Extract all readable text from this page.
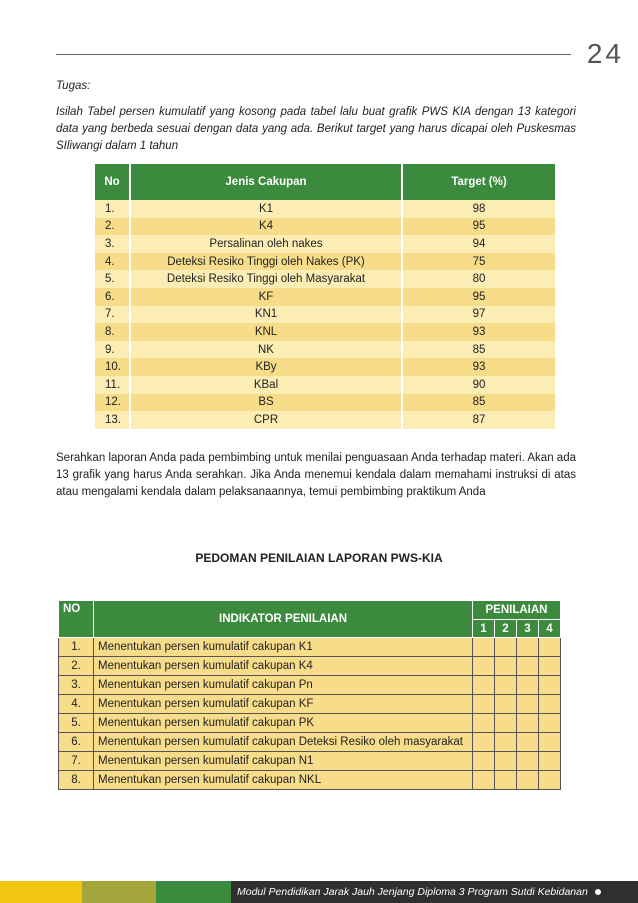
24
Tugas:
Isilah Tabel persen kumulatif yang kosong pada tabel lalu buat grafik PWS KIA dengan 13 kategori data yang berbeda sesuai dengan data yang ada. Berikut target yang harus dicapai oleh Puskesmas SIliwangi dalam 1 tahun
No	Jenis Cakupan	Target (%)
1.	K1	98
2.	K4	95
3.	Persalinan oleh nakes	94
4.	Deteksi Resiko Tinggi oleh Nakes (PK)	75
5.	Deteksi Resiko Tinggi oleh Masyarakat	80
6.	KF	95
7.	KN1	97
8.	KNL	93
9.	NK	85
10.	KBy	93
11.	KBal	90
12.	BS	85
13.	CPR	87
Serahkan laporan Anda pada pembimbing untuk menilai penguasaan Anda terhadap materi. Akan ada 13 grafik yang harus Anda serahkan. Jika Anda menemui kendala dalam memahami instruksi di atas atau mengalami kendala dalam pelaksanaannya, temui pembimbing praktikum Anda
PEDOMAN PENILAIAN LAPORAN PWS-KIA
NO	INDIKATOR PENILAIAN	PENILAIAN			
		1	2	3	4
1.	Menentukan persen kumulatif cakupan K1				
2.	Menentukan persen kumulatif cakupan K4				
3.	Menentukan persen kumulatif cakupan Pn				
4.	Menentukan persen kumulatif cakupan KF				
5.	Menentukan persen kumulatif cakupan PK				
6.	Menentukan persen kumulatif cakupan Deteksi Resiko oleh masyarakat				
7.	Menentukan persen kumulatif cakupan N1				
8.	Menentukan persen kumulatif cakupan NKL				
Modul Pendidikan Jarak Jauh Jenjang Diploma 3 Program Sutdi Kebidanan
